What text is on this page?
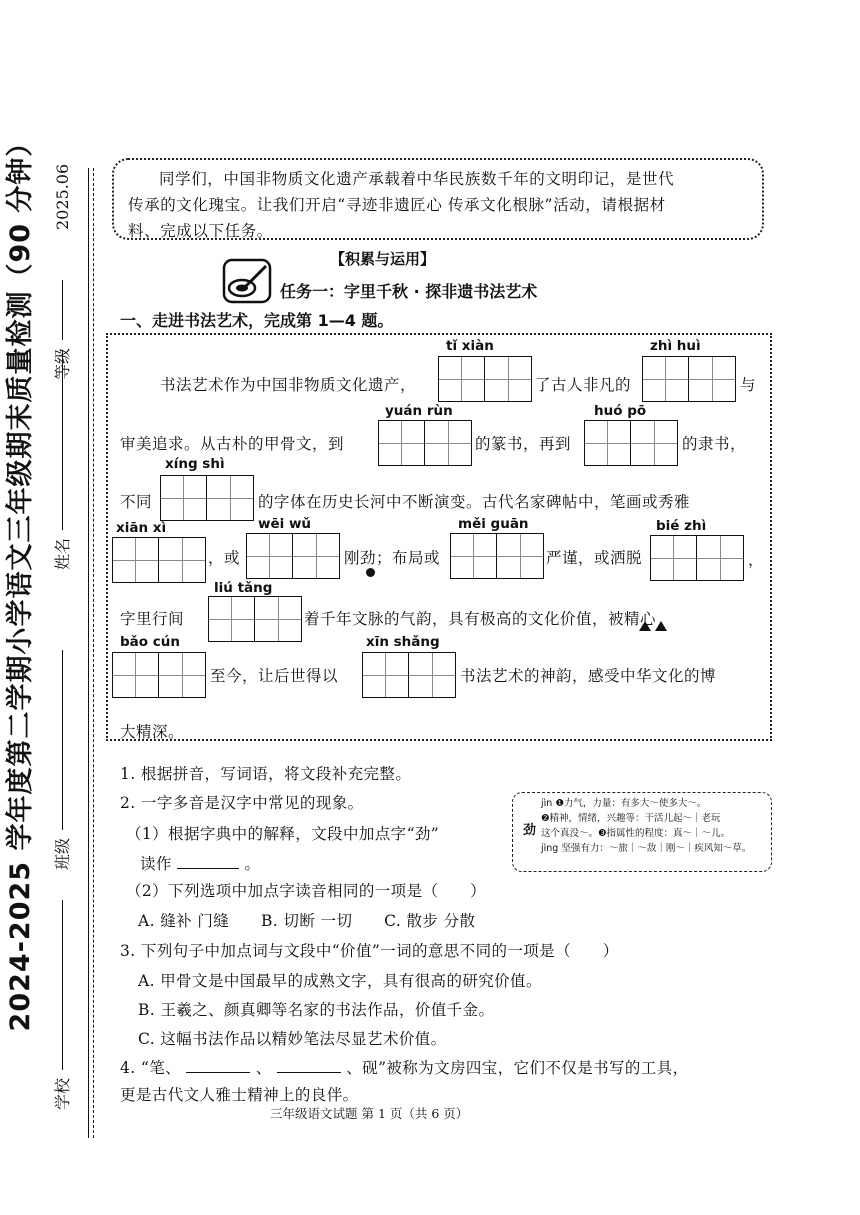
2024-2025 学年度第二学期小学语文三年级期末质量检测（90 分钟）
学校
班级
姓名
等级
2025.06	同学们，中国非物质文化遗产承载着中华民族数千年的文明印记，是世代

传承的文化瑰宝。让我们开启“寻迹非遗匠心 传承文化根脉”活动，请根据材

料、完成以下任务。

【积累与运用】
任务一：字里千秋 · 探非遗书法艺术
一、走进书法艺术，完成第 1—4 题。
tǐ xiàn	zhì huì
书法艺术作为中国非物质文化遗产，	了古人非凡的	与
yuán rùn	huó pō
审美追求。从古朴的甲骨文，到	的篆书，再到	的隶书，
xíng shì
不同	的字体在历史长河中不断演变。古代名家碑帖中，笔画或秀雅
xiān xì	wēi wǔ	měi guān	bié zhì
，或	刚劲；布局或	严谨，或洒脱	，
liú tǎng
字里行间	着千年文脉的气韵，具有极高的文化价值，被精心
bǎo cún	xīn shǎng
至今，让后世得以	书法艺术的神韵，感受中华文化的博
大精深。
1. 根据拼音，写词语，将文段补充完整。
2. 一字多音是汉字中常见的现象。
（1）根据字典中的解释，文段中加点字“劲”
读作	。
劲
jìn ❶力气，力量：有多大～使多大～。
❷精神，情绪，兴趣等：干活儿起～｜老玩
这个真没～。❸指属性的程度：真～｜～儿。
jìng 坚强有力：～旅｜～敌｜刚～｜疾风知～草。
（2）下列选项中加点字读音相同的一项是（　　）
A. 缝补 门缝　　B. 切断 一切　　C. 散步 分散
3. 下列句子中加点词与文段中“价值”一词的意思不同的一项是（　　）
A. 甲骨文是中国最早的成熟文字，具有很高的研究价值。
B. 王羲之、颜真卿等名家的书法作品，价值千金。
C. 这幅书法作品以精妙笔法尽显艺术价值。
4. “笔、	、	、砚”被称为文房四宝，它们不仅是书写的工具，
更是古代文人雅士精神上的良伴。
三年级语文试题 第 1 页（共 6 页）
